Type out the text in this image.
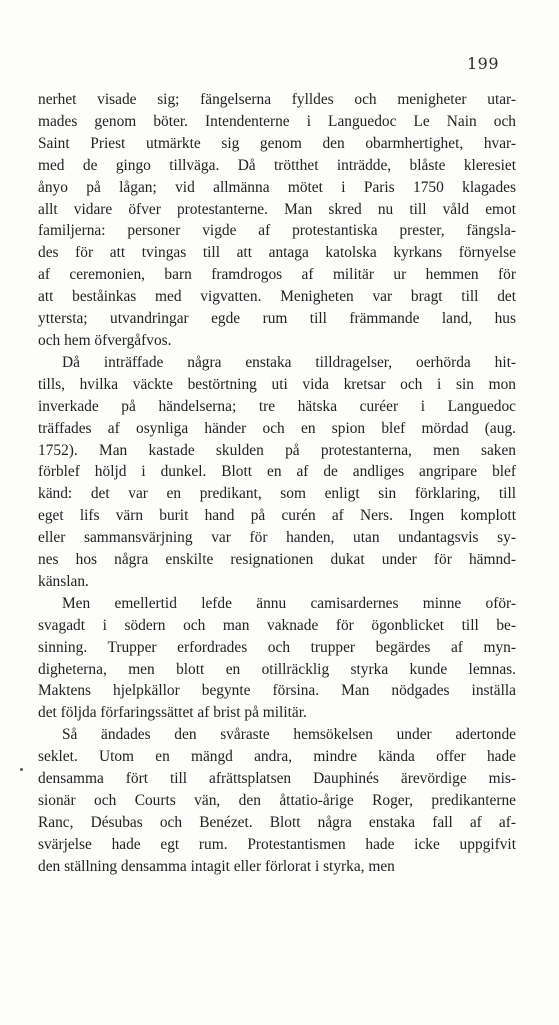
199
nerhet visade sig; fängelserna fylldes och menigheter utar-
mades genom böter. Intendenterne i Languedoc Le Nain och
Saint Priest utmärkte sig genom den obarmhertighet, hvar-
med de gingo tillväga. Då trötthet inträdde, blåste kleresiet
ånyo på lågan; vid allmänna mötet i Paris 1750 klagades
allt vidare öfver protestanterne. Man skred nu till våld emot
familjerna: personer vigde af protestantiska prester, fängsla-
des för att tvingas till att antaga katolska kyrkans förnyelse
af ceremonien, barn framdrogos af militär ur hemmen för
att beståinkas med vigvatten. Menigheten var bragt till det
yttersta; utvandringar egde rum till främmande land, hus
och hem öfvergåfvos.
Då inträffade några enstaka tilldragelser, oerhörda hit-
tills, hvilka väckte bestörtning uti vida kretsar och i sin mon
inverkade på händelserna; tre hätska curéer i Languedoc
träffades af osynliga händer och en spion blef mördad (aug.
1752). Man kastade skulden på protestanterna, men saken
förblef höljd i dunkel. Blott en af de andliges angripare blef
känd: det var en predikant, som enligt sin förklaring, till
eget lifs värn burit hand på curén af Ners. Ingen komplott
eller sammansvärjning var för handen, utan undantagsvis sy-
nes hos några enskilte resignationen dukat under för hämnd-
känslan.
Men emellertid lefde ännu camisardernes minne oför-
svagadt i södern och man vaknade för ögonblicket till be-
sinning. Trupper erfordrades och trupper begärdes af myn-
digheterna, men blott en otillräcklig styrka kunde lemnas.
Maktens hjelpkällor begynte försina. Man nödgades inställa
det följda förfaringssättet af brist på militär.
Så ändades den svåraste hemsökelsen under adertonde
seklet. Utom en mängd andra, mindre kända offer hade
densamma fört till afrättsplatsen Dauphinés ärevördige mis-
sionär och Courts vän, den åttatio-årige Roger, predikanterne
Ranc, Désubas och Benézet. Blott några enstaka fall af af-
svärjelse hade egt rum. Protestantismen hade icke uppgifvit
den ställning densamma intagit eller förlorat i styrka, men
